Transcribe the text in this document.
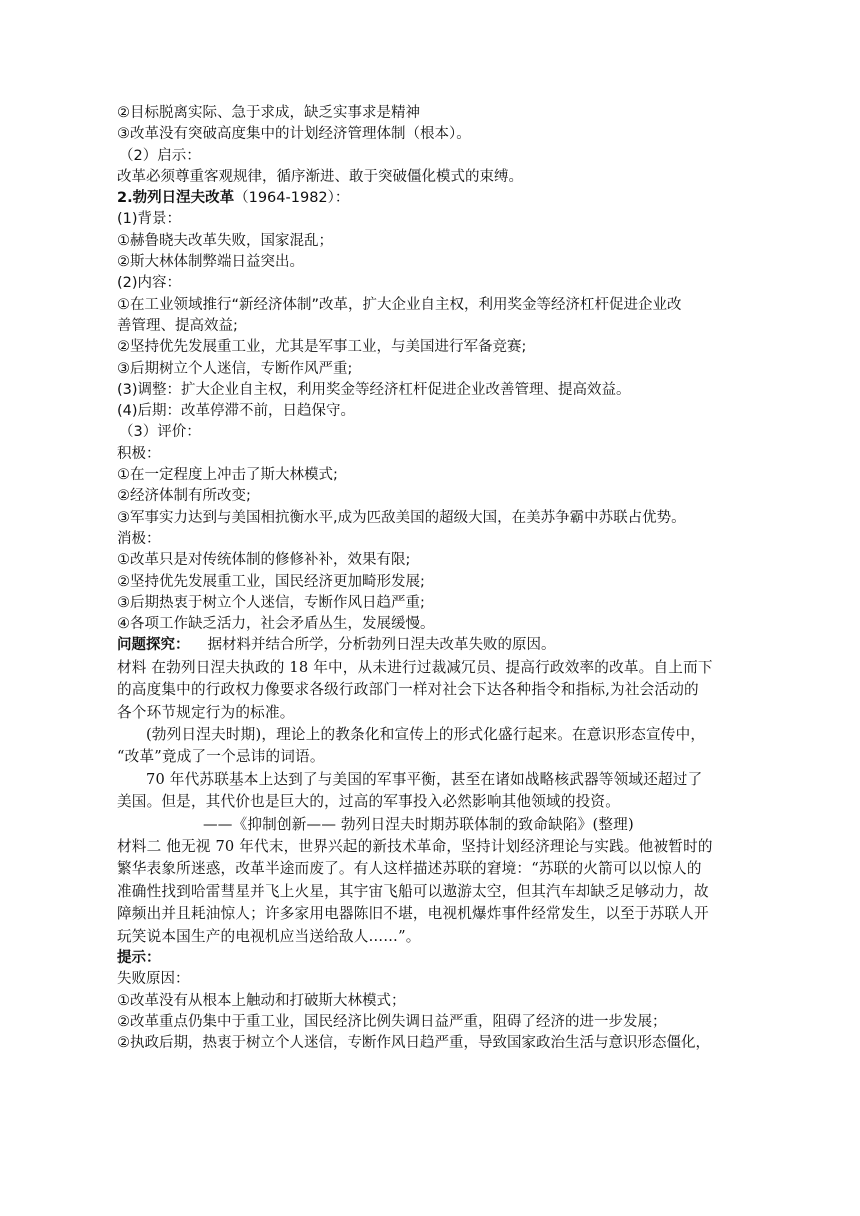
②目标脱离实际、急于求成，缺乏实事求是精神
③改革没有突破高度集中的计划经济管理体制（根本）。
（2）启示：
改革必须尊重客观规律，循序渐进、敢于突破僵化模式的束缚。
2.勃列日涅夫改革（1964-1982）：
(1)背景：
①赫鲁晓夫改革失败，国家混乱；
②斯大林体制弊端日益突出。
(2)内容：
①在工业领域推行“新经济体制”改革，扩大企业自主权，利用奖金等经济杠杆促进企业改
善管理、提高效益;
②坚持优先发展重工业，尤其是军事工业，与美国进行军备竞赛;
③后期树立个人迷信，专断作风严重;
(3)调整：扩大企业自主权，利用奖金等经济杠杆促进企业改善管理、提高效益。
(4)后期：改革停滞不前，日趋保守。
（3）评价：
积极：
①在一定程度上冲击了斯大林模式;
②经济体制有所改变;
③军事实力达到与美国相抗衡水平,成为匹敌美国的超级大国，在美苏争霸中苏联占优势。
消极：
①改革只是对传统体制的修修补补，效果有限;
②坚持优先发展重工业，国民经济更加畸形发展;
③后期热衷于树立个人迷信，专断作风日趋严重;
④各项工作缺乏活力，社会矛盾丛生，发展缓慢。
问题探究： 据材料并结合所学，分析勃列日涅夫改革失败的原因。
材料 在勃列日涅夫执政的 18 年中，从未进行过裁减冗员、提高行政效率的改革。自上而下
的高度集中的行政权力像要求各级行政部门一样对社会下达各种指令和指标,为社会活动的
各个环节规定行为的标准。
(勃列日涅夫时期)，理论上的教条化和宣传上的形式化盛行起来。在意识形态宣传中，
“改革”竟成了一个忌讳的词语。
70 年代苏联基本上达到了与美国的军事平衡，甚至在诸如战略核武器等领域还超过了
美国。但是，其代价也是巨大的，过高的军事投入必然影响其他领域的投资。
——《抑制创新—— 勃列日涅夫时期苏联体制的致命缺陷》(整理)
材料二 他无视 70 年代末，世界兴起的新技术革命，坚持计划经济理论与实践。他被暂时的
繁华表象所迷惑，改革半途而废了。有人这样描述苏联的窘境：“苏联的火箭可以以惊人的
准确性找到哈雷彗星并飞上火星，其宇宙飞船可以遨游太空，但其汽车却缺乏足够动力，故
障频出并且耗油惊人；许多家用电器陈旧不堪，电视机爆炸事件经常发生，以至于苏联人开
玩笑说本国生产的电视机应当送给敌人……”。
提示：
失败原因：
①改革没有从根本上触动和打破斯大林模式；
②改革重点仍集中于重工业，国民经济比例失调日益严重，阻碍了经济的进一步发展；
②执政后期，热衷于树立个人迷信，专断作风日趋严重，导致国家政治生活与意识形态僵化，
